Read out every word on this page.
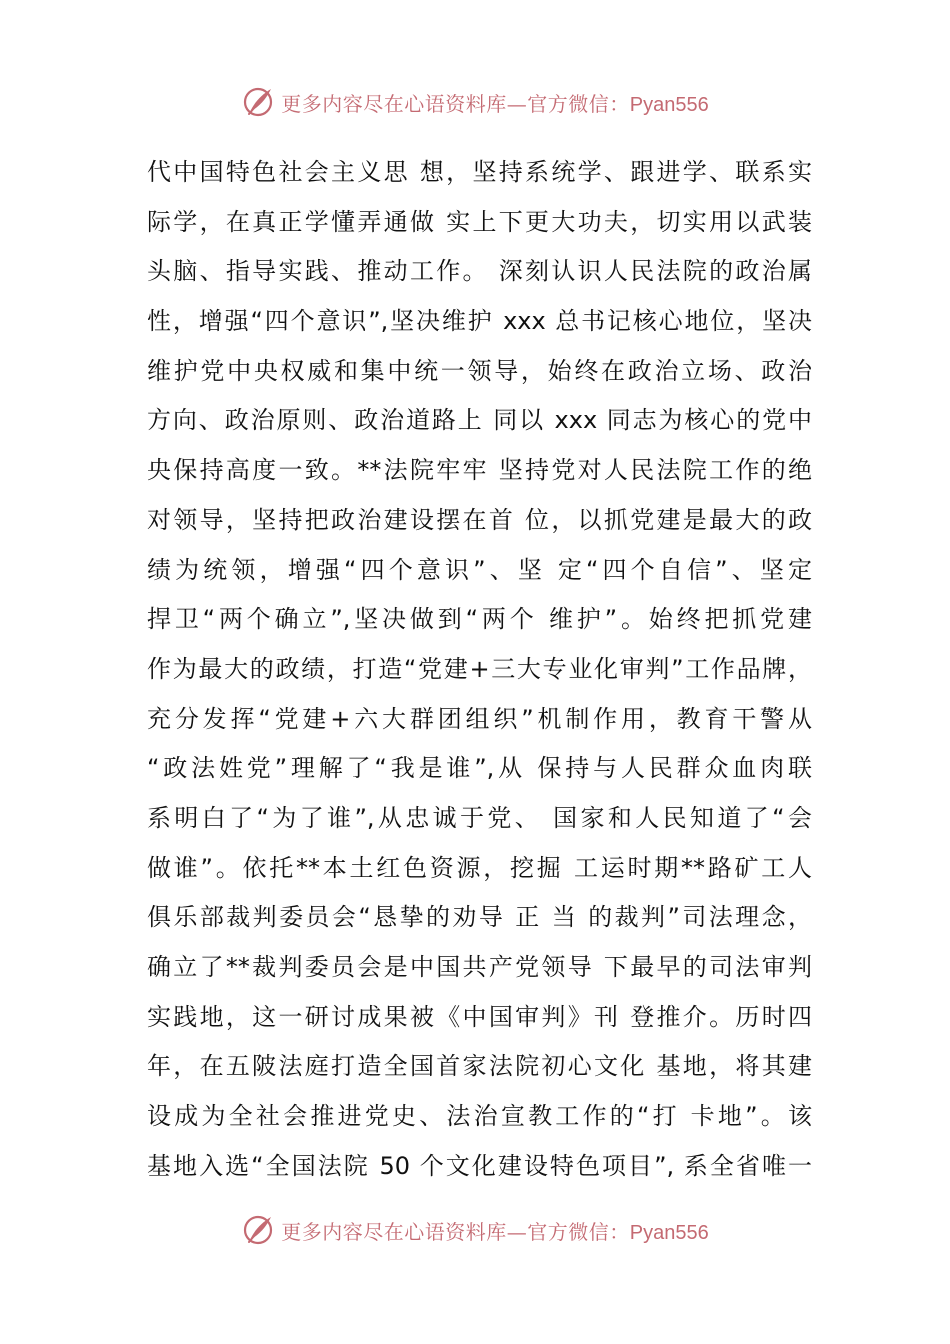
更多内容尽在心语资料库—官方微信：Pyan556
代中国特色社会主义思 想，坚持系统学、跟进学、联系实
际学，在真正学懂弄通做 实上下更大功夫，切实用以武装
头脑、指导实践、推动工作。 深刻认识人民法院的政治属
性，增强“四个意识”,坚决维护 xxx 总书记核心地位，坚决
维护党中央权威和集中统一领导，始终在政治立场、政治
方向、政治原则、政治道路上 同以 xxx 同志为核心的党中
央保持高度一致。**法院牢牢 坚持党对人民法院工作的绝
对领导，坚持把政治建设摆在首 位，以抓党建是最大的政
绩为统领，增强“四个意识”、坚 定“四个自信”、坚定
捍卫“两个确立”,坚决做到“两个 维护”。始终把抓党建
作为最大的政绩，打造“党建+三大专业化审判”工作品牌，
充分发挥“党建+六大群团组织”机制作用，教育干警从
“政法姓党”理解了“我是谁”,从 保持与人民群众血肉联
系明白了“为了谁”,从忠诚于党、 国家和人民知道了“会
做谁”。依托**本土红色资源，挖掘 工运时期**路矿工人
俱乐部裁判委员会“恳挚的劝导 正 当 的裁判”司法理念，
确立了**裁判委员会是中国共产党领导 下最早的司法审判
实践地，这一研讨成果被《中国审判》刊 登推介。历时四
年，在五陂法庭打造全国首家法院初心文化 基地，将其建
设成为全社会推进党史、法治宣教工作的“打 卡地”。该
基地入选“全国法院 50 个文化建设特色项目”, 系全省唯一
更多内容尽在心语资料库—官方微信：Pyan556
